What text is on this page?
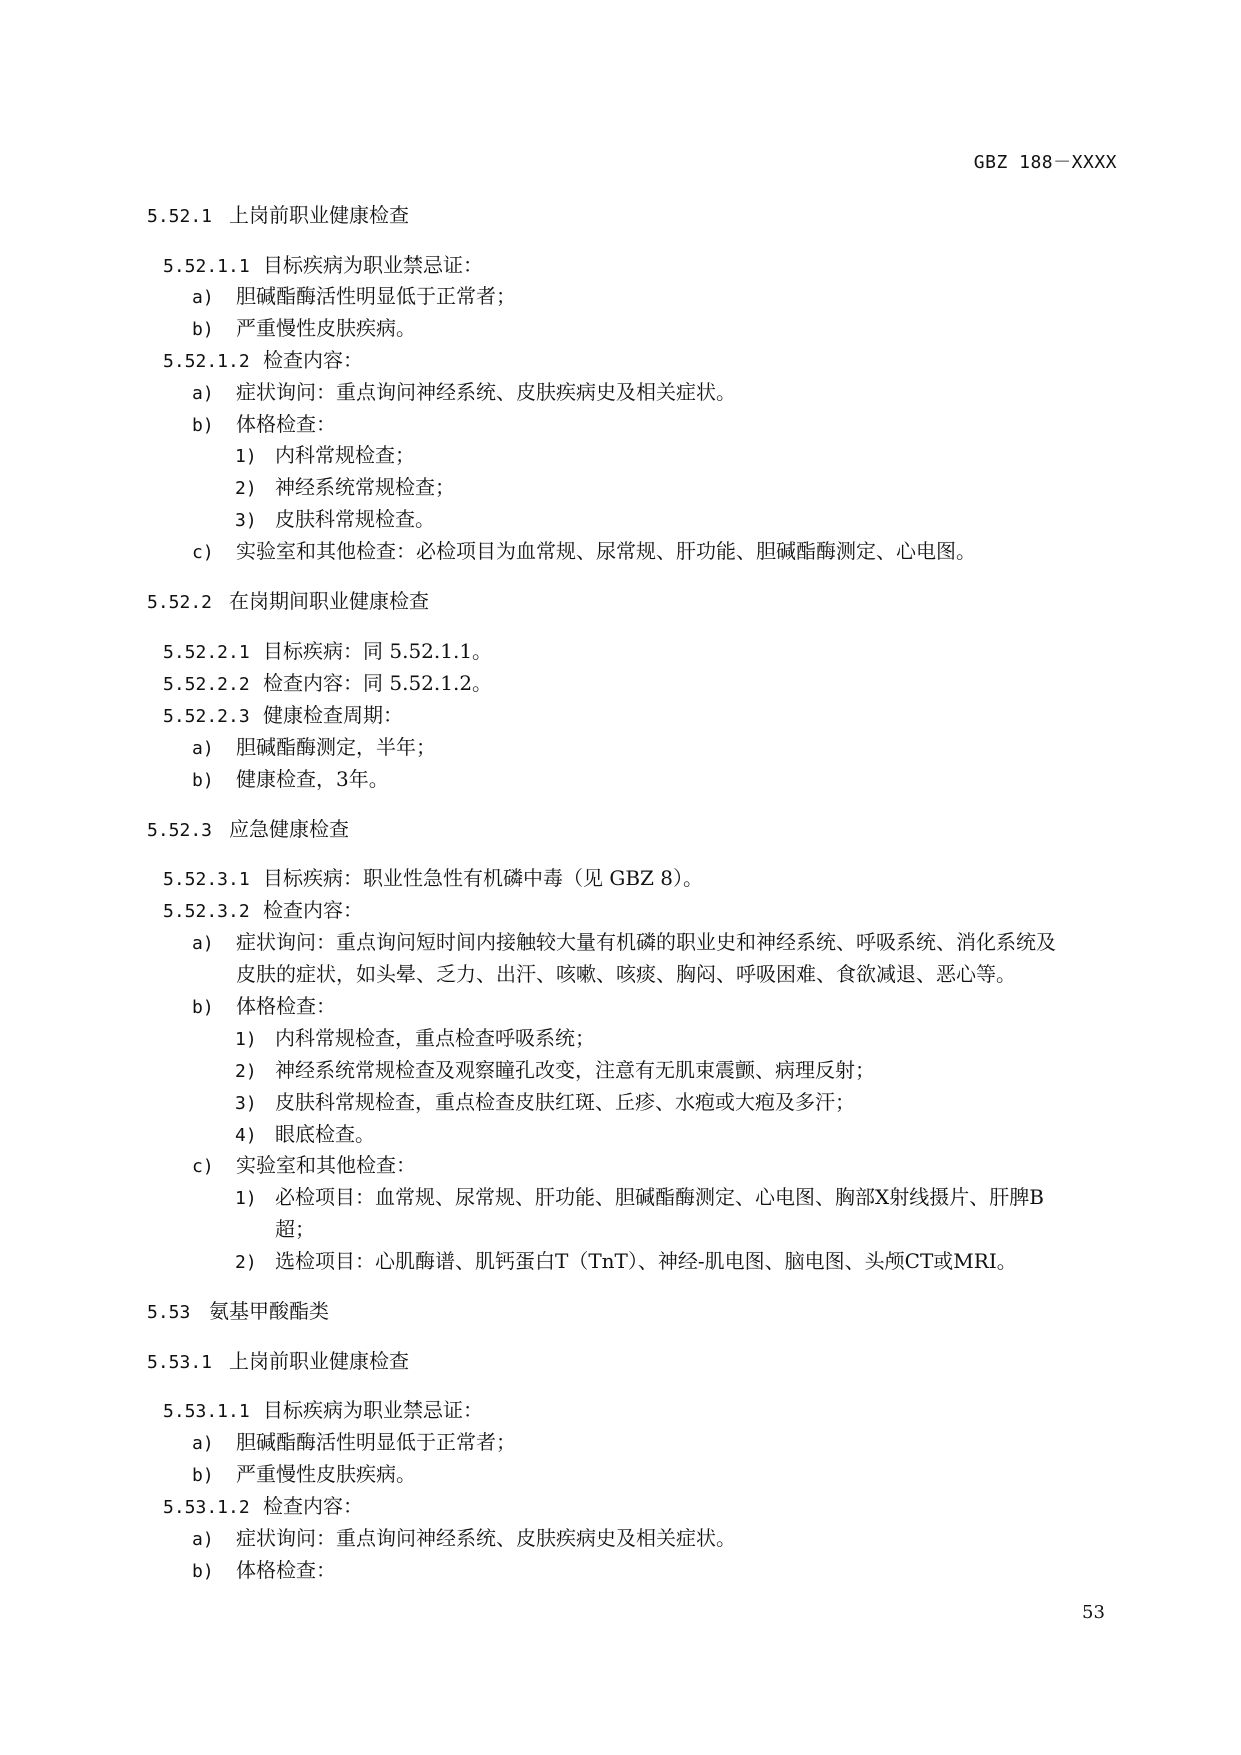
GBZ 188－XXXX
5.52.1 上岗前职业健康检查
5.52.1.1 目标疾病为职业禁忌证：
a) 胆碱酯酶活性明显低于正常者；
b) 严重慢性皮肤疾病。
5.52.1.2 检查内容：
a) 症状询问：重点询问神经系统、皮肤疾病史及相关症状。
b) 体格检查：
1) 内科常规检查；
2) 神经系统常规检查；
3) 皮肤科常规检查。
c) 实验室和其他检查：必检项目为血常规、尿常规、肝功能、胆碱酯酶测定、心电图。
5.52.2 在岗期间职业健康检查
5.52.2.1 目标疾病：同 5.52.1.1。
5.52.2.2 检查内容：同 5.52.1.2。
5.52.2.3 健康检查周期：
a) 胆碱酯酶测定，半年；
b) 健康检查，3年。
5.52.3 应急健康检查
5.52.3.1 目标疾病：职业性急性有机磷中毒（见 GBZ 8）。
5.52.3.2 检查内容：
a) 症状询问：重点询问短时间内接触较大量有机磷的职业史和神经系统、呼吸系统、消化系统及
皮肤的症状，如头晕、乏力、出汗、咳嗽、咳痰、胸闷、呼吸困难、食欲减退、恶心等。
b) 体格检查：
1) 内科常规检查，重点检查呼吸系统；
2) 神经系统常规检查及观察瞳孔改变，注意有无肌束震颤、病理反射；
3) 皮肤科常规检查，重点检查皮肤红斑、丘疹、水疱或大疱及多汗；
4) 眼底检查。
c) 实验室和其他检查：
1) 必检项目：血常规、尿常规、肝功能、胆碱酯酶测定、心电图、胸部X射线摄片、肝脾B
超；
2) 选检项目：心肌酶谱、肌钙蛋白T（TnT）、神经-肌电图、脑电图、头颅CT或MRI。
5.53 氨基甲酸酯类
5.53.1 上岗前职业健康检查
5.53.1.1 目标疾病为职业禁忌证：
a) 胆碱酯酶活性明显低于正常者；
b) 严重慢性皮肤疾病。
5.53.1.2 检查内容：
a) 症状询问：重点询问神经系统、皮肤疾病史及相关症状。
b) 体格检查：
53
